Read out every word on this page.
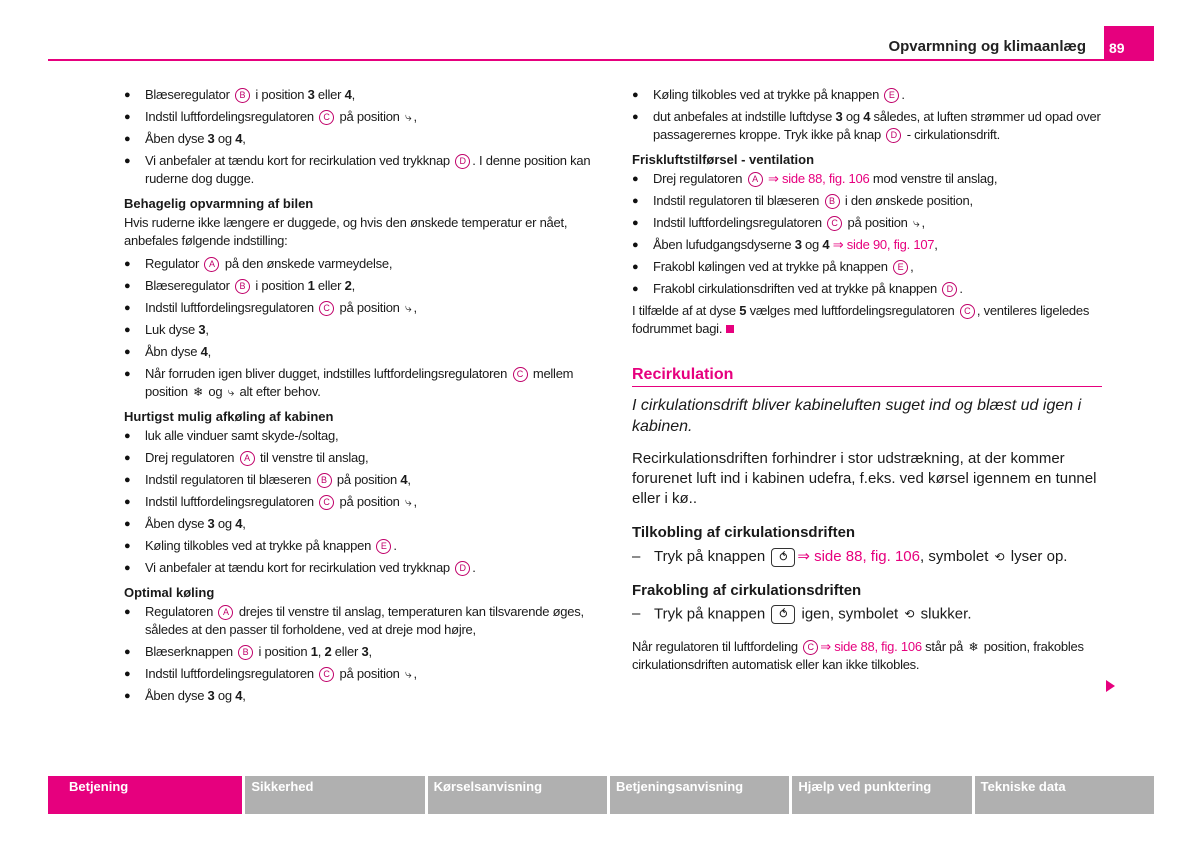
Opvarmning og klimaanlæg	89
● Blæseregulator B i position 3 eller 4,
● Indstil luftfordelingsregulatoren C på position ⤷ ,
● Åben dyse 3 og 4,
● Vi anbefaler at tændu kort for recirkulation ved trykknap D . I denne position kan ruderne dog dugge.
Behagelig opvarmning af bilen

Hvis ruderne ikke længere er duggede, og hvis den ønskede temperatur er nået, anbefales følgende indstilling:

● Regulator A på den ønskede varmeydelse,
● Blæseregulator B i position 1 eller 2,
● Indstil luftfordelingsregulatoren C på position ⤷ ,
● Luk dyse 3,
● Åbn dyse 4,
● Når forruden igen bliver dugget, indstilles luftfordelingsregulatoren C mellem position ❄ og ⤷ alt efter behov.
Hurtigst mulig afkøling af kabinen
● luk alle vinduer samt skyde-/soltag,
● Drej regulatoren A til venstre til anslag,
● Indstil regulatoren til blæseren B på position 4,
● Indstil luftfordelingsregulatoren C på position ⤷ ,
● Åben dyse 3 og 4,
● Køling tilkobles ved at trykke på knappen E .
● Vi anbefaler at tændu kort for recirkulation ved trykknap D .
Optimal køling
● Regulatoren A drejes til venstre til anslag, temperaturen kan tilsvarende øges, således at den passer til forholdene, ved at dreje mod højre,
● Blæserknappen B i position 1, 2 eller 3,
● Indstil luftfordelingsregulatoren C på position ⤷ ,
● Åben dyse 3 og 4,
● Køling tilkobles ved at trykke på knappen E .
● dut anbefales at indstille luftdyse 3 og 4 således, at luften strømmer ud opad over passagerernes kroppe. Tryk ikke på knap D - cirkulationsdrift.
Friskluftstilførsel - ventilation
● Drej regulatoren A ⇒ side 88, fig. 106 mod venstre til anslag,
● Indstil regulatoren til blæseren B i den ønskede position,
● Indstil luftfordelingsregulatoren C på position ⤷ ,
● Åben lufudgangsdyserne 3 og 4 ⇒ side 90, fig. 107,
● Frakobl kølingen ved at trykke på knappen E ,
● Frakobl cirkulationsdriften ved at trykke på knappen D .

I tilfælde af at dyse 5 vælges med luftfordelingsregulatoren C , ventileres ligeledes fodrummet bagi.

Recirkulation

I cirkulationsdrift bliver kabineluften suget ind og blæst ud igen i kabinen.

Recirkulationsdriften forhindrer i stor udstrækning, at der kommer forurenet luft ind i kabinen udefra, f.eks. ved kørsel igennem en tunnel eller i kø..

Tilkobling af cirkulationsdriften

– Tryk på knappen ⥀ ⇒ side 88, fig. 106, symbolet ⟲ lyser op.

Frakobling af cirkulationsdriften

– Tryk på knappen ⥀ igen, symbolet ⟲ slukker.

Når regulatoren til luftfordeling C ⇒ side 88, fig. 106 står på ❄ position, frakobles cirkulationsdriften automatisk eller kan ikke tilkobles.

Betjening	Sikkerhed	Kørselsanvisning	Betjeningsanvisning	Hjælp ved punktering	Tekniske data
